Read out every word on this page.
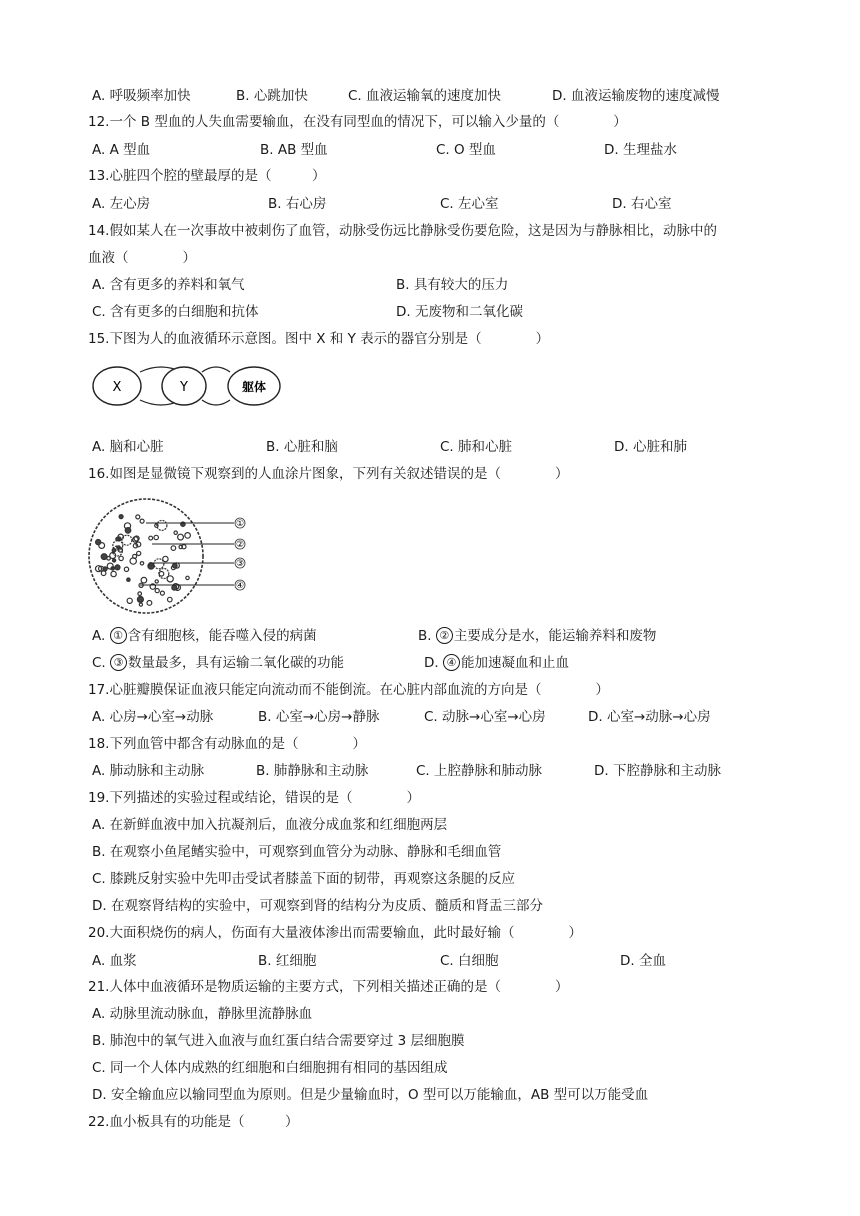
A. 呼吸频率加快	B. 心跳加快	C. 血液运输氧的速度加快	D. 血液运输废物的速度减慢
12.一个 B 型血的人失血需要输血，在没有同型血的情况下，可以输入少量的（　　　　）
A. A 型血	B. AB 型血	C. O 型血	D. 生理盐水
13.心脏四个腔的壁最厚的是（　　　）
A. 左心房	B. 右心房	C. 左心室	D. 右心室
14.假如某人在一次事故中被刺伤了血管，动脉受伤远比静脉受伤要危险，这是因为与静脉相比，动脉中的
血液（　　　　）
A. 含有更多的养料和氧气	B. 具有较大的压力
C. 含有更多的白细胞和抗体	D. 无废物和二氧化碳
15.下图为人的血液循环示意图。图中 X 和 Y 表示的器官分别是（　　　　）
X	Y	躯体
A. 脑和心脏	B. 心脏和脑	C. 肺和心脏	D. 心脏和肺
16.如图是显微镜下观察到的人血涂片图象，下列有关叙述错误的是（　　　　）
①
②
③
④
A. ① 含有细胞核，能吞噬入侵的病菌	B. ② 主要成分是水，能运输养料和废物
C. ③ 数量最多，具有运输二氧化碳的功能	D. ④ 能加速凝血和止血
17.心脏瓣膜保证血液只能定向流动而不能倒流。在心脏内部血流的方向是（　　　　）
A. 心房→心室→动脉	B. 心室→心房→静脉	C. 动脉→心室→心房	D. 心室→动脉→心房
18.下列血管中都含有动脉血的是（　　　　）
A. 肺动脉和主动脉	B. 肺静脉和主动脉	C. 上腔静脉和肺动脉	D. 下腔静脉和主动脉
19.下列描述的实验过程或结论，错误的是（　　　　）
A. 在新鲜血液中加入抗凝剂后，血液分成血浆和红细胞两层
B. 在观察小鱼尾鳍实验中，可观察到血管分为动脉、静脉和毛细血管
C. 膝跳反射实验中先叩击受试者膝盖下面的韧带，再观察这条腿的反应
D. 在观察肾结构的实验中，可观察到肾的结构分为皮质、髓质和肾盂三部分
20.大面积烧伤的病人，伤面有大量液体渗出而需要输血，此时最好输（　　　　）
A. 血浆	B. 红细胞	C. 白细胞	D. 全血
21.人体中血液循环是物质运输的主要方式，下列相关描述正确的是（　　　　）
A. 动脉里流动脉血，静脉里流静脉血
B. 肺泡中的氧气进入血液与血红蛋白结合需要穿过 3 层细胞膜
C. 同一个人体内成熟的红细胞和白细胞拥有相同的基因组成
D. 安全输血应以输同型血为原则。但是少量输血时，O 型可以万能输血，AB 型可以万能受血
22.血小板具有的功能是（　　　）
